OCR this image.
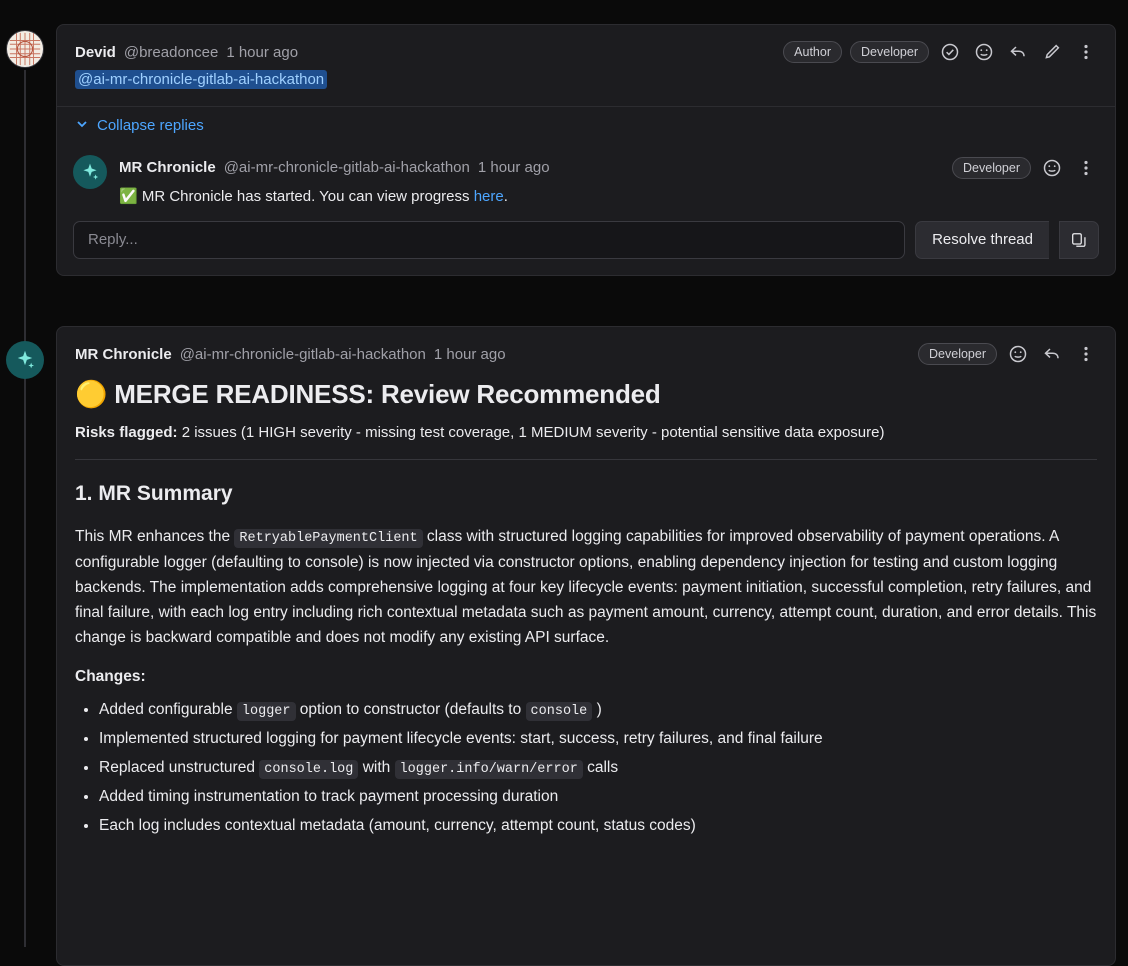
Devid @breadoncee 1 hour ago	Author	Developer
@ai-mr-chronicle-gitlab-ai-hackathon
Collapse replies
MR Chronicle @ai-mr-chronicle-gitlab-ai-hackathon 1 hour ago	Developer
✅ MR Chronicle has started. You can view progress here.
Reply...
Resolve thread
MR Chronicle @ai-mr-chronicle-gitlab-ai-hackathon 1 hour ago	Developer
🟡 MERGE READINESS: Review Recommended
Risks flagged: 2 issues (1 HIGH severity - missing test coverage, 1 MEDIUM severity - potential sensitive data exposure)
1. MR Summary

This MR enhances the RetryablePaymentClient class with structured logging capabilities for improved observability of payment operations. A configurable logger (defaulting to console) is now injected via constructor options, enabling dependency injection for testing and custom logging backends. The implementation adds comprehensive logging at four key lifecycle events: payment initiation, successful completion, retry failures, and final failure, with each log entry including rich contextual metadata such as payment amount, currency, attempt count, duration, and error details. This change is backward compatible and does not modify any existing API surface.

Changes:
• Added configurable logger option to constructor (defaults to console )
• Implemented structured logging for payment lifecycle events: start, success, retry failures, and final failure
• Replaced unstructured console.log with logger.info/warn/error calls
• Added timing instrumentation to track payment processing duration
• Each log includes contextual metadata (amount, currency, attempt count, status codes)
